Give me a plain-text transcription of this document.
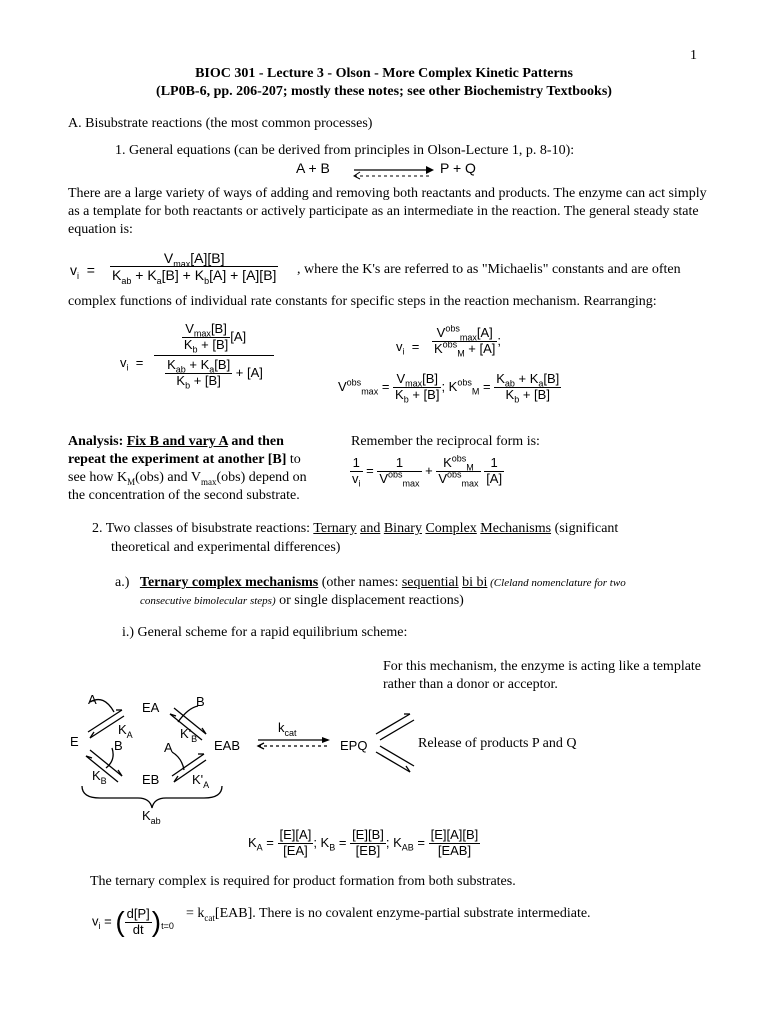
1
BIOC 301 - Lecture 3 - Olson - More Complex Kinetic Patterns
(LP0B-6, pp. 206-207; mostly these notes; see other Biochemistry Textbooks)
A. Bisubstrate reactions (the most common processes)
1. General equations (can be derived from principles in Olson-Lecture 1, p. 8-10):
A + B	P + Q
There are a large variety of ways of adding and removing both reactants and products. The enzyme can act simply as a template for both reactants or actively participate as an intermediate in the reaction. The general steady state equation is:
$v_i = \frac{V_{max}[A][B]}{K_{ab} + K_a[B] + K_b[A] + [A][B]}$ , where the K's are referred to as "Michaelis" constants and are often
complex functions of individual rate constants for specific steps in the reaction mechanism. Rearranging:
$v_i = \frac{\frac{V_{max}[B]}{K_b + [B]} [A]}{\frac{K_{ab} + K_a[B]}{K_b + [B]} + [A]}$	$v_i = \frac{V^{obs}_{max}[A]}{K^{obs}_M + [A]}$ ;
$V^{obs}_{max} = \frac{V_{max}[B]}{K_b + [B]}$ ; $K^{obs}_M = \frac{K_{ab} + K_a[B]}{K_b + [B]}$
Analysis: Fix B and vary A and then
repeat the experiment at another [B] to
see how $K_M(obs)$ and $V_{max}(obs)$ depend on
the concentration of the second substrate.
Remember the reciprocal form is:
$\frac{1}{v_i} = \frac{1}{V^{obs}_{max}} + \frac{K^{obs}_M}{V^{obs}_{max}}$
$\frac{1}{[A]}$
2. Two classes of bisubstrate reactions: Ternary and Binary Complex Mechanisms (significant
theoretical and experimental differences)
a.) Ternary complex mechanisms (other names: sequential bi bi (Cleland nomenclature for two
consecutive bimolecular steps) or single displacement reactions)
i.) General scheme for a rapid equilibrium scheme:
For this mechanism, the enzyme is acting like a template rather than a donor or acceptor.
E
EA
EB
EAB	EPQ
A	B
B	A
$K_A$	$K'_B$
$K_B$	$K'_A$
$k_{cat}$
$K_{ab}$
Release of products P and Q
$K_A = \frac{[E][A]}{[EA]}$ ; $K_B = \frac{[E][B]}{[EB]}$ ; $K_{AB} = \frac{[E][A][B]}{\text{[EAB]}}$
The ternary complex is required for product formation from both substrates.
$v_i$ = ( $\frac{d[P]}{dt} )_{t=0}$
= $k_{cat}[EAB]$. There is no covalent enzyme-partial substrate intermediate.
